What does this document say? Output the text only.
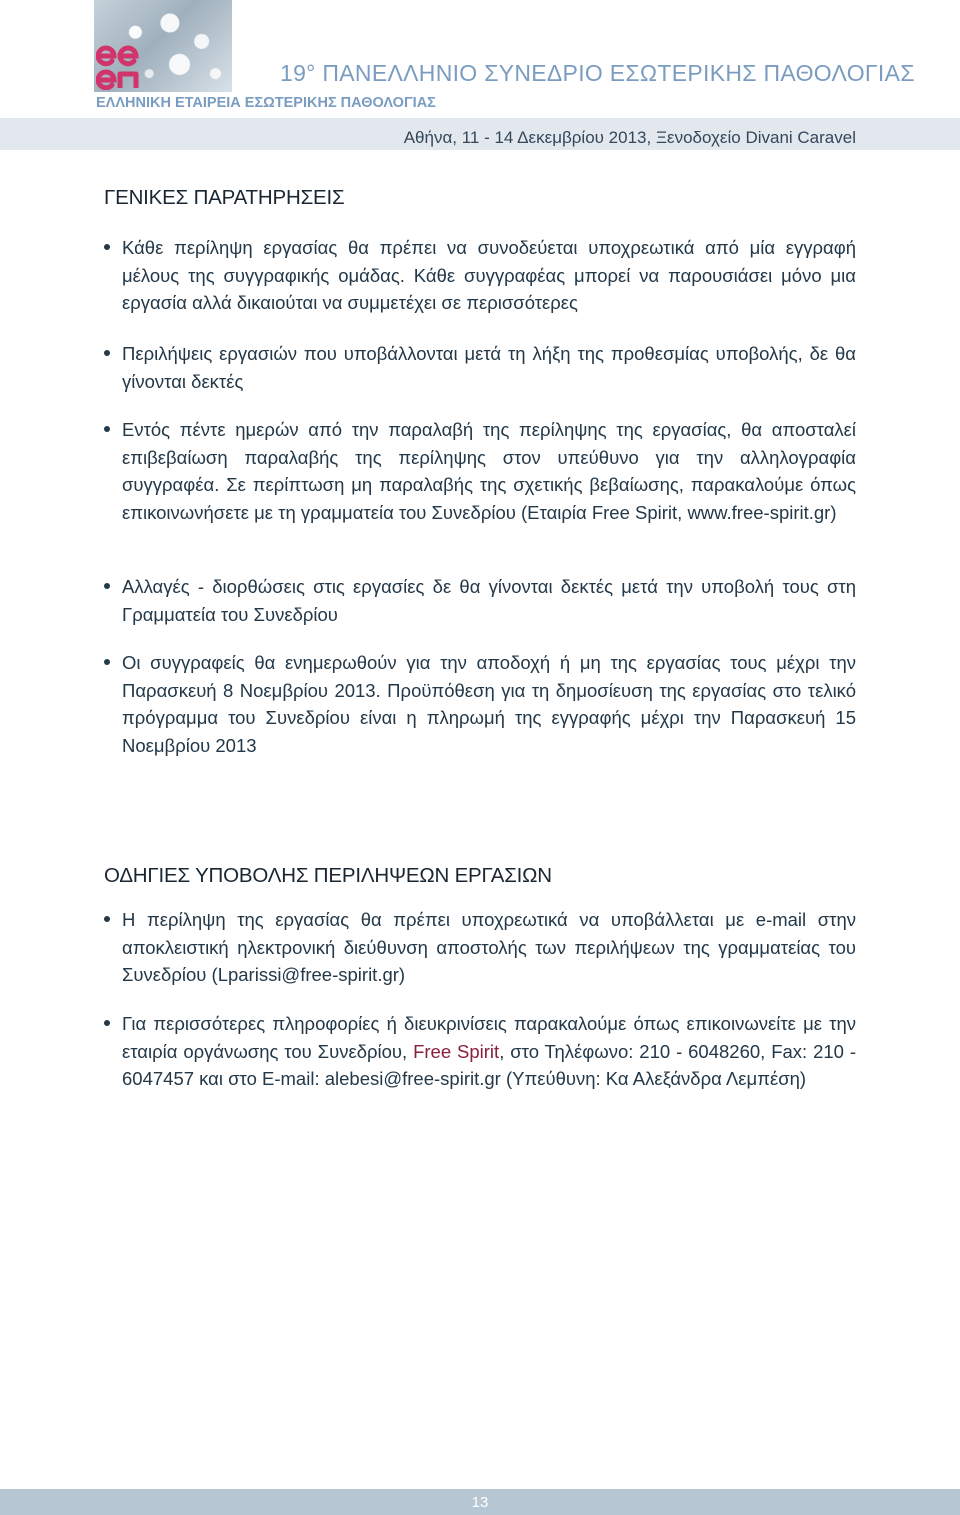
19° ΠΑΝΕΛΛΗΝΙΟ ΣΥΝΕΔΡΙΟ ΕΣΩΤΕΡΙΚΗΣ ΠΑΘΟΛΟΓΙΑΣ
ΕΛΛΗΝΙΚΗ ΕΤΑΙΡΕΙΑ ΕΣΩΤΕΡΙΚΗΣ ΠΑΘΟΛΟΓΙΑΣ
Αθήνα, 11 - 14 Δεκεμβρίου 2013, Ξενοδοχείο Divani Caravel
ΓΕΝΙΚΕΣ ΠΑΡΑΤΗΡΗΣΕΙΣ
Κάθε περίληψη εργασίας θα πρέπει να συνοδεύεται υποχρεωτικά από μία εγγραφή μέλους της συγγραφικής ομάδας. Κάθε συγγραφέας μπορεί να παρουσιάσει μόνο μια εργασία αλλά δικαιούται να συμμετέχει σε περισσότερες
Περιλήψεις εργασιών που υποβάλλονται μετά τη λήξη της προθεσμίας υποβολής, δε θα γίνονται δεκτές
Εντός πέντε ημερών από την παραλαβή της περίληψης της εργασίας, θα αποσταλεί επιβεβαίωση παραλαβής της περίληψης στον υπεύθυνο για την αλληλογραφία συγγραφέα. Σε περίπτωση μη παραλαβής της σχετικής βεβαίωσης, παρακαλούμε όπως επικοινωνήσετε με τη γραμματεία του Συνεδρίου (Εταιρία Free Spirit, www.free-spirit.gr)
Αλλαγές - διορθώσεις στις εργασίες δε θα γίνονται δεκτές μετά την υποβολή τους στη Γραμματεία του Συνεδρίου
Οι συγγραφείς θα ενημερωθούν για την αποδοχή ή μη της εργασίας τους μέχρι την Παρασκευή 8 Νοεμβρίου 2013. Προϋπόθεση για τη δημοσίευση της εργασίας στο τελικό πρόγραμμα του Συνεδρίου είναι η πληρωμή της εγγραφής μέχρι την Παρασκευή 15 Νοεμβρίου 2013
ΟΔΗΓΙΕΣ ΥΠΟΒΟΛΗΣ ΠΕΡΙΛΗΨΕΩΝ ΕΡΓΑΣΙΩΝ
Η περίληψη της εργασίας θα πρέπει υποχρεωτικά να υποβάλλεται με e-mail στην αποκλειστική ηλεκτρονική διεύθυνση αποστολής των περιλήψεων της γραμματείας του Συνεδρίου (Lparissi@free-spirit.gr)
Για περισσότερες πληροφορίες ή διευκρινίσεις παρακαλούμε όπως επικοινωνείτε με την εταιρία οργάνωσης του Συνεδρίου, Free Spirit, στο Τηλέφωνο: 210 - 6048260, Fax: 210 - 6047457 και στο E-mail: alebesi@free-spirit.gr (Υπεύθυνη: Κα Αλεξάνδρα Λεμπέση)
13
